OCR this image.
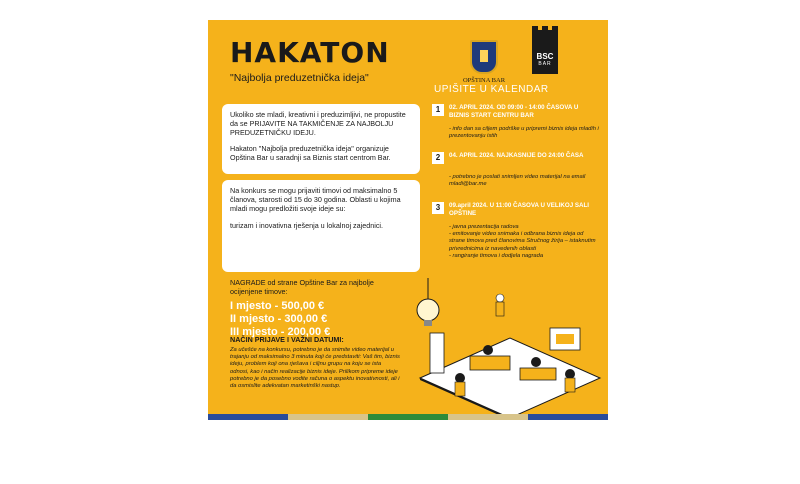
HAKATON
"Najbolja preduzetnička ideja"	OPŠTINA BAR
BSC
BAR
UPIŠITE U KALENDAR

Ukoliko ste mladi, kreativni i preduzimljivi, ne propustite da se PRIJAVITE NA TAKMIČENJE ZA NAJBOLJU PREDUZETNIČKU IDEJU.

Hakaton "Najbolja preduzetnička ideja" organizuje Opština Bar u saradnji sa Biznis start centrom Bar.

Na konkurs se mogu prijaviti timovi od maksimalno 5 članova, starosti od 15 do 30 godina. Oblasti u kojima mladi mogu predložiti svoje ideje su:

turizam i inovativna rješenja u lokalnoj zajednici.

NAGRADE od strane Opštine Bar za najbolje ocijenjene timove:
I mjesto - 500,00 €
II mjesto - 300,00 €
III mjesto - 200,00 €
NAČIN PRIJAVE I VAŽNI DATUMI:
Za učešće na konkursu, potrebno je da snimite video materijal u trajanju od maksimalno 3 minuta koji će predstaviti: Vaš tim, biznis ideju, problem koji ona rješava i ciljnu grupu na koju se ista odnosi, kao i način realizacije biznis ideje. Prilikom pripreme ideje potrebno je da posebno vodite računa o aspektu inovativnosti, ali i da osmislite adekvatan marketinški nastup.
1	02. APRIL 2024. OD 09:00 - 14:00 ČASOVA U BIZNIS START CENTRU BAR
- info dan sa ciljem podrške u pripremi biznis ideja mladih i prezentovanju istih
2	04. APRIL 2024. NAJKASNIJE DO 24:00 ČASA
- potrebno je poslati snimljen video materijal na email mladi@bar.me
3	09.april 2024. U 11:00 ČASOVA U VELIKOJ SALI OPŠTINE
- javna prezentacija radova
- emitovanje video snimaka i odbrana biznis ideja od strane timova pred članovima Stručnog žirija – istaknutim privrednicima iz navedenih oblasti
- rangiranje timova i dodjela nagrada
